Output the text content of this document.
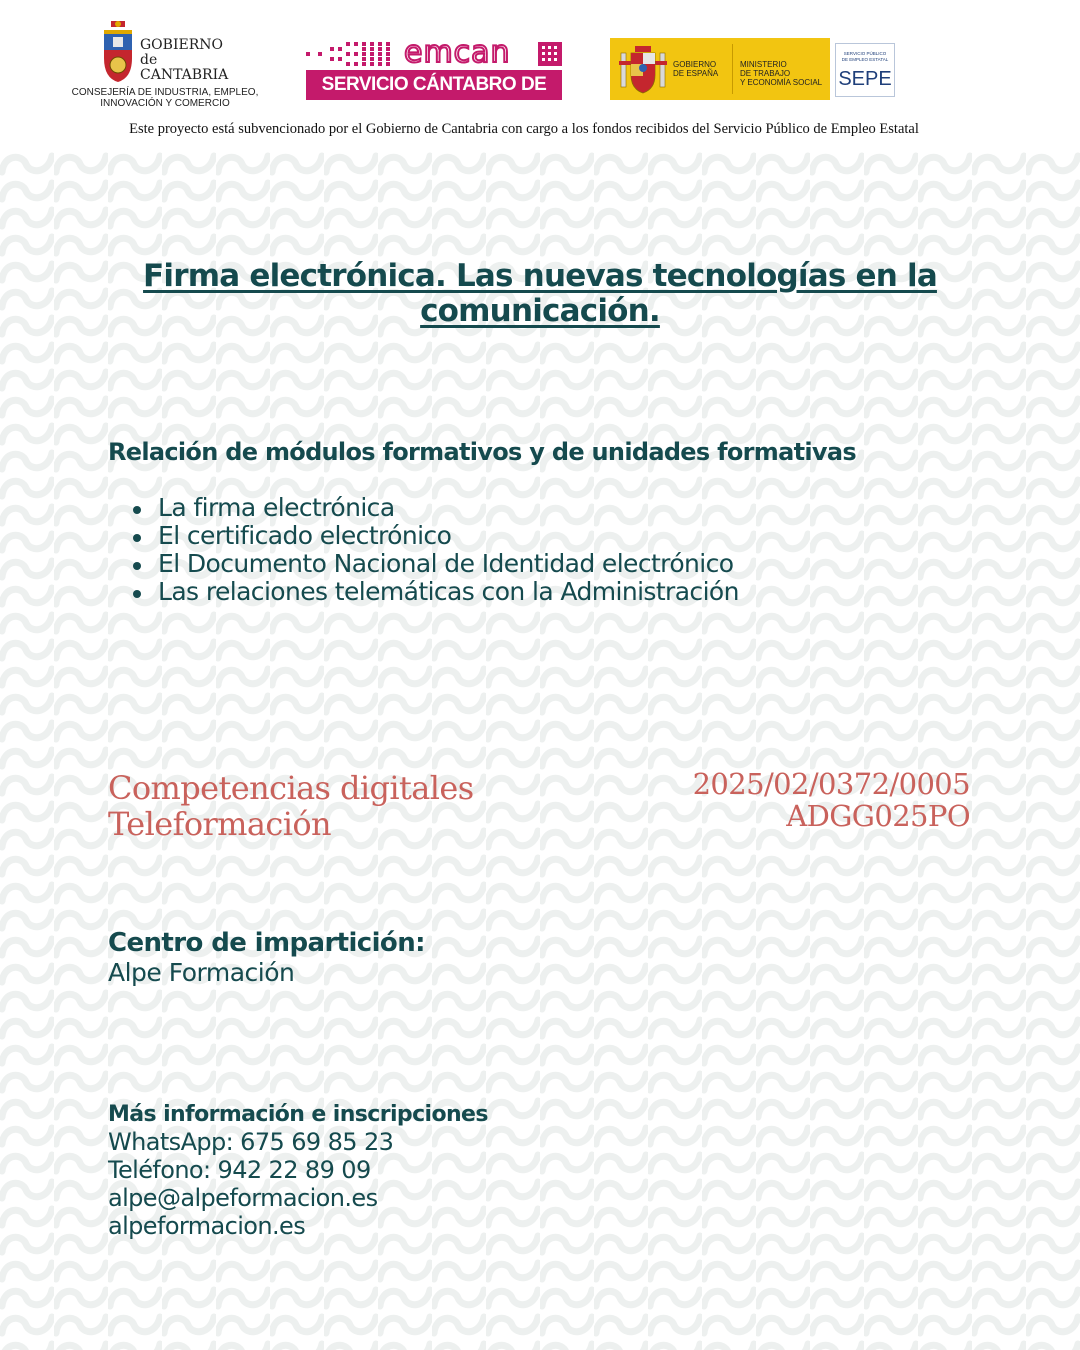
GOBIERNO
de
CANTABRIA
CONSEJERÍA DE INDUSTRIA, EMPLEO,
INNOVACIÓN Y COMERCIO
emcan
SERVICIO CÁNTABRO DE EMPLEO
GOBIERNO
DE ESPAÑA
MINISTERIO
DE TRABAJO
Y ECONOMÍA SOCIAL
SERVICIO PÚBLICO
DE EMPLEO ESTATAL
SEPE
Este proyecto está subvencionado por el Gobierno de Cantabria con cargo a los fondos recibidos del Servicio Público de Empleo Estatal
Firma electrónica. Las nuevas tecnologías en la comunicación.
Relación de módulos formativos y de unidades formativas
La firma electrónica
El certificado electrónico
El Documento Nacional de Identidad electrónico
Las relaciones telemáticas con la Administración
Competencias digitales
Teleformación
2025/02/0372/0005
ADGG025PO
Centro de impartición:
Alpe Formación
Más información e inscripciones
WhatsApp: 675 69 85 23
Teléfono: 942 22 89 09
alpe@alpeformacion.es
alpeformacion.es
